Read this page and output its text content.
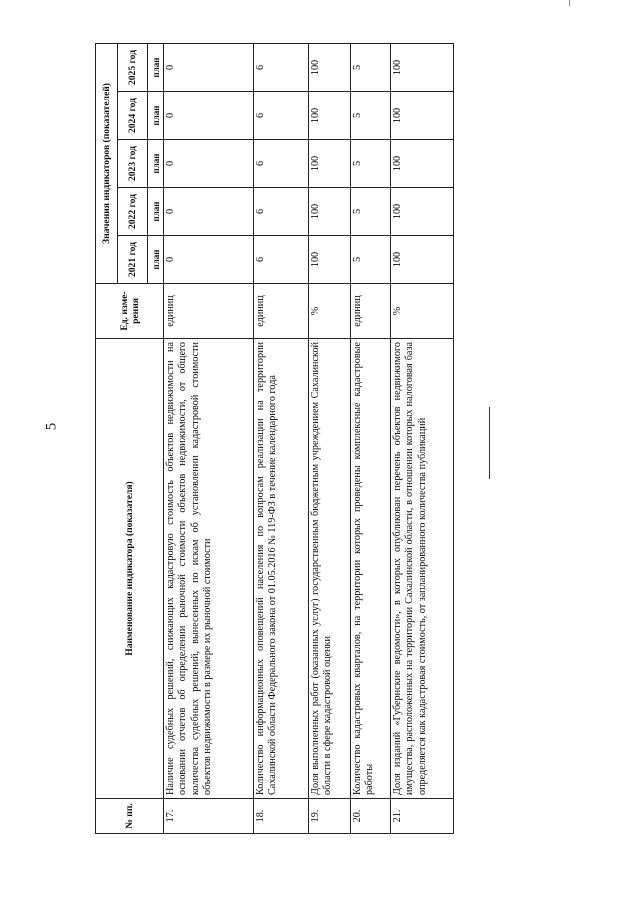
5
№ пп.	Наименование индикатора (показателя)	Ед. изме-рения	Значения индикаторов (показателей)				
			2021 год	2022 год	2023 год	2024 год	2025 год
			план	план	план	план	план
17.	Наличие судебных решений, снижающих кадастровую стоимость объектов недвижимости на основании отчетов об определении рыночной стоимости объектов недвижимости, от общего количества судебных решений, вынесенных по искам об установлении кадастровой стоимости объектов недвижимости в размере их рыночной стоимости	единиц	0	0	0	0	0
18.	Количество информационных оповещений населения по вопросам реализации на территории Сахалинской области Федерального закона от 01.05.2016 № 119-ФЗ в течение календарного года	единиц	6	6	6	6	6
19.	Доля выполненных работ (оказанных услуг) государственным бюджетным учреждением Сахалинской области в сфере кадастровой оценки	%	100	100	100	100	100
20.	Количество кадастровых кварталов, на территории которых проведены комплексные кадастровые работы	единиц	5	5	5	5	5
21.	Доля изданий «Губернские ведомости», в которых опубликован перечень объектов недвижимого имущества, расположенных на территории Сахалинской области, в отношении которых налоговая база определяется как кадастровая стоимость, от запланированного количества публикаций	%	100	100	100	100	100
